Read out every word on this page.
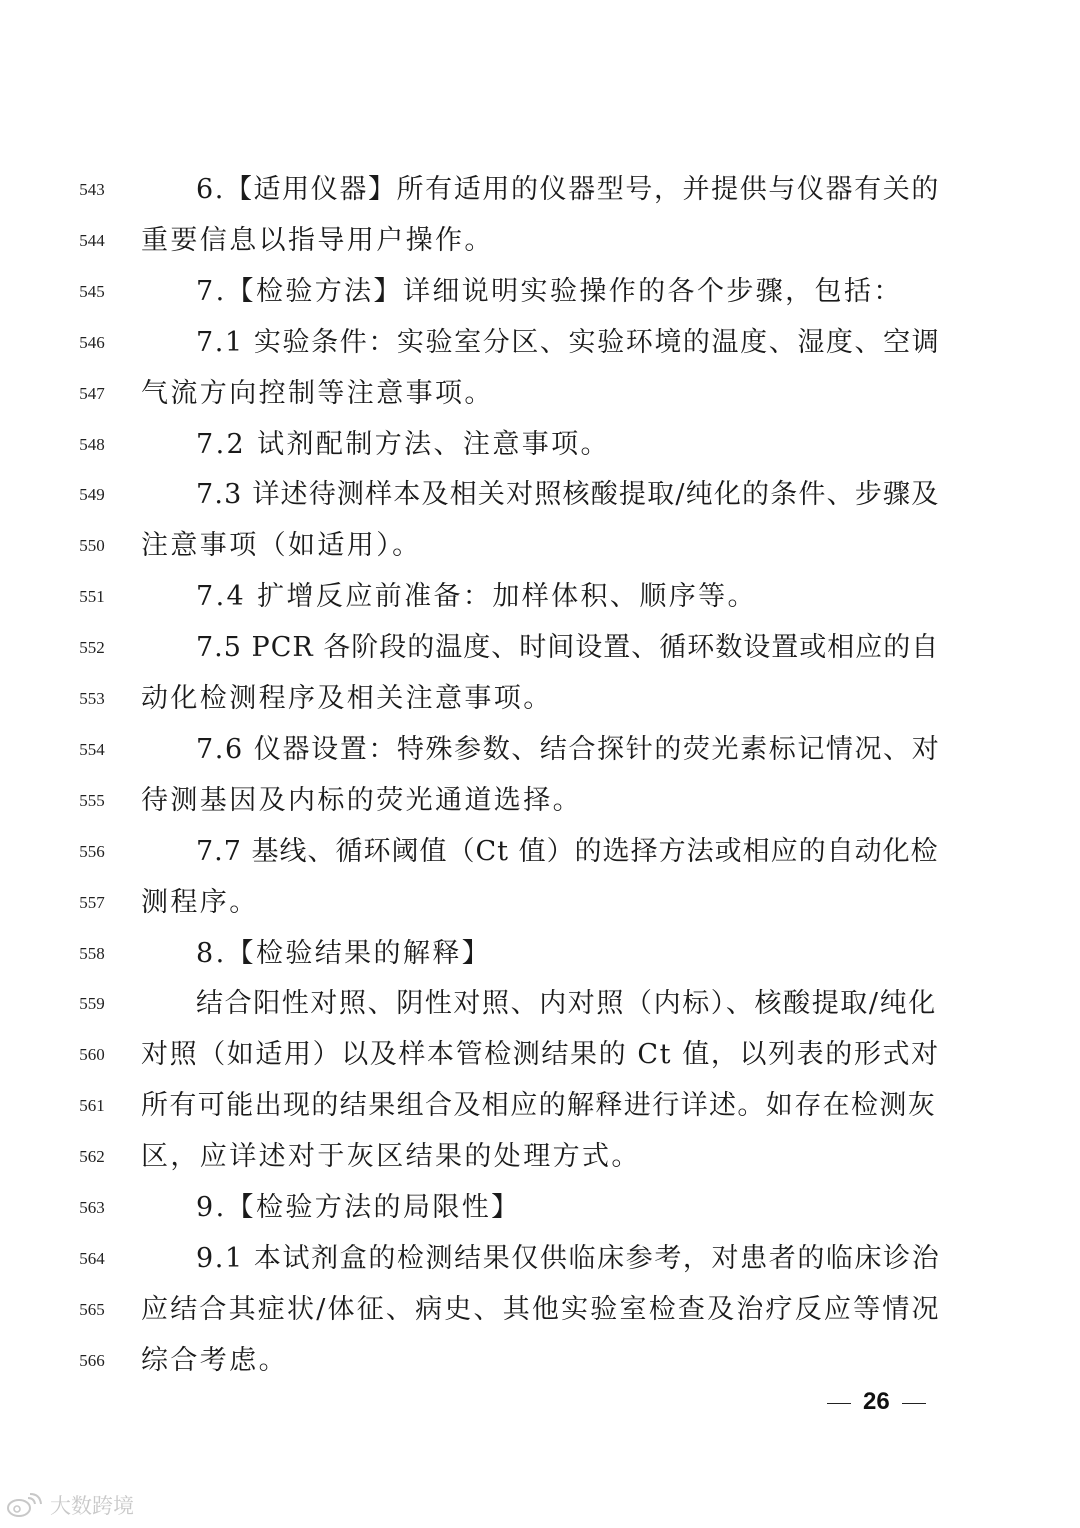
543	6.【适用仪器】所有适用的仪器型号，并提供与仪器有关的
544	重要信息以指导用户操作。
545	7.【检验方法】详细说明实验操作的各个步骤，包括：
546	7.1 实验条件：实验室分区、实验环境的温度、湿度、空调
547	气流方向控制等注意事项。
548	7.2 试剂配制方法、注意事项。
549	7.3 详述待测样本及相关对照核酸提取/纯化的条件、步骤及
550	注意事项（如适用）。
551	7.4 扩增反应前准备：加样体积、顺序等。
552	7.5 PCR 各阶段的温度、时间设置、循环数设置或相应的自
553	动化检测程序及相关注意事项。
554	7.6 仪器设置：特殊参数、结合探针的荧光素标记情况、对
555	待测基因及内标的荧光通道选择。
556	7.7 基线、循环阈值（Ct 值）的选择方法或相应的自动化检
557	测程序。
558	8.【检验结果的解释】
559	结合阳性对照、阴性对照、内对照（内标）、核酸提取/纯化
560	对照（如适用）以及样本管检测结果的 Ct 值，以列表的形式对
561	所有可能出现的结果组合及相应的解释进行详述。如存在检测灰
562	区，应详述对于灰区结果的处理方式。
563	9.【检验方法的局限性】
564	9.1 本试剂盒的检测结果仅供临床参考，对患者的临床诊治
565	应结合其症状/体征、病史、其他实验室检查及治疗反应等情况
566	综合考虑。
26
大数跨境
